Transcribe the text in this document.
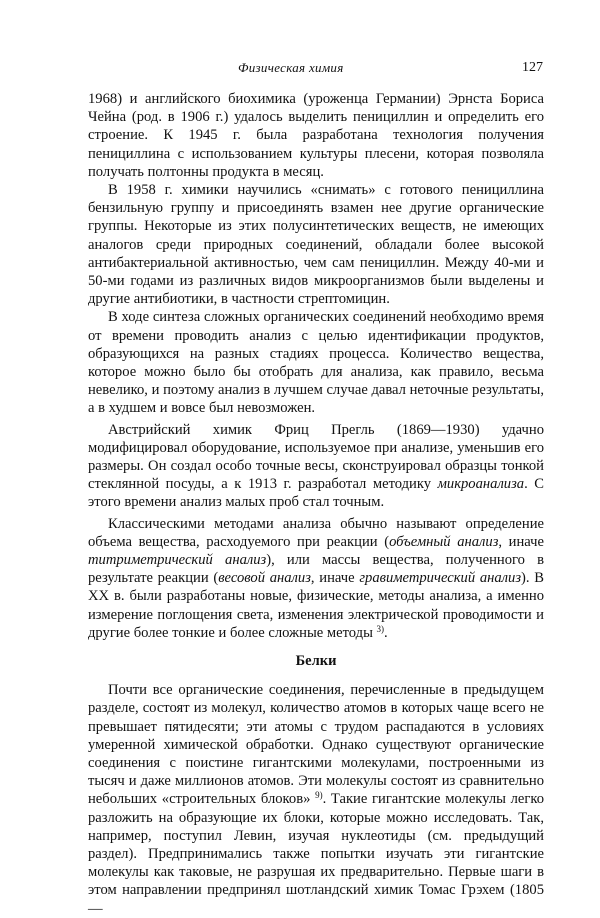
Физическая химия	127

1968) и английского биохимика (уроженца Германии) Эрнста Бориса Чейна (род. в 1906 г.) удалось выделить пенициллин и определить его строение. К 1945 г. была разработана технология получения пенициллина с использованием культуры плесени, которая позволяла получать полтонны продукта в месяц.

В 1958 г. химики научились «снимать» с готового пенициллина бензильную группу и присоединять взамен нее другие органические группы. Некоторые из этих полусинтетических веществ, не имеющих аналогов среди природных соединений, обладали более высокой антибактериальной активностью, чем сам пенициллин. Между 40-ми и 50-ми годами из различных видов микроорганизмов были выделены и другие антибиотики, в частности стрептомицин.

В ходе синтеза сложных органических соединений необходимо время от времени проводить анализ с целью идентификации продуктов, образующихся на разных стадиях процесса. Количество вещества, которое можно было бы отобрать для анализа, как правило, весьма невелико, и поэтому анализ в лучшем случае давал неточные результаты, а в худшем и вовсе был невозможен.

Австрийский химик Фриц Прегль (1869—1930) удачно модифицировал оборудование, используемое при анализе, уменьшив его размеры. Он создал особо точные весы, сконструировал образцы тонкой стеклянной посуды, а к 1913 г. разработал методику микроанализа. С этого времени анализ малых проб стал точным.

Классическими методами анализа обычно называют определение объема вещества, расходуемого при реакции (объемный анализ, иначе титриметрический анализ), или массы вещества, полученного в результате реакции (весовой анализ, иначе гравиметрический анализ). В XX в. были разработаны новые, физические, методы анализа, а именно измерение поглощения света, изменения электрической проводимости и другие более тонкие и более сложные методы $^{3)}$.

Белки

Почти все органические соединения, перечисленные в предыдущем разделе, состоят из молекул, количество атомов в которых чаще всего не превышает пятидесяти; эти атомы с трудом распадаются в условиях умеренной химической обработки. Однако существуют органические соединения с поистине гигантскими молекулами, построенными из тысяч и даже миллионов атомов. Эти молекулы состоят из сравнительно небольших «строительных блоков» $^{9)}$. Такие гигантские молекулы легко разложить на образующие их блоки, которые можно исследовать. Так, например, поступил Левин, изучая нуклеотиды (см. предыдущий раздел). Предпринимались также попытки изучать эти гигантские молекулы как таковые, не разрушая их предварительно. Первые шаги в этом направлении предпринял шотландский химик Томас Грэхем (1805—
